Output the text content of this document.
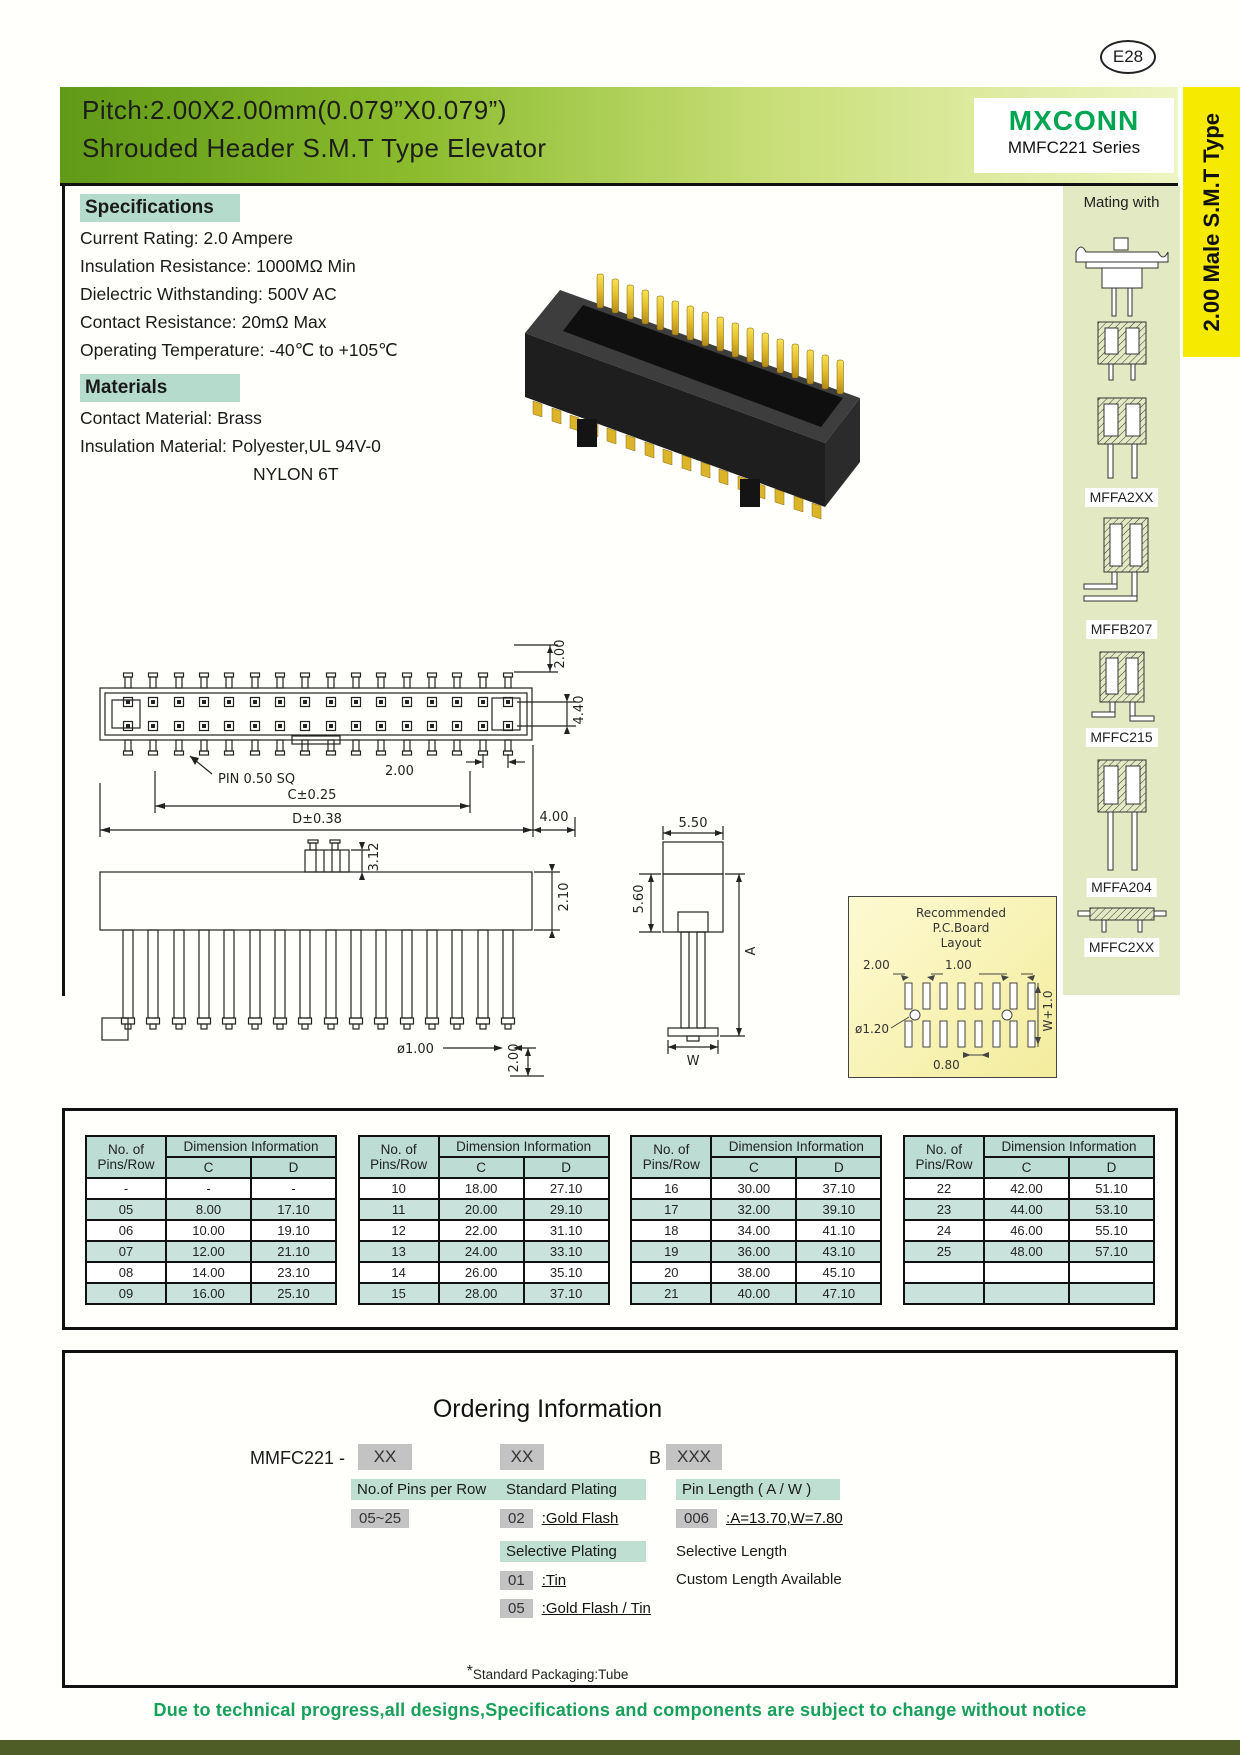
E28
Pitch:2.00X2.00mm(0.079”X0.079”)
Shrouded Header S.M.T Type Elevator
MXCONN
MMFC221 Series	2.00 Male S.M.T Type
Specifications

Current Rating: 2.0 Ampere

Insulation Resistance: 1000MΩ Min

Dielectric Withstanding: 500V AC

Contact Resistance: 20mΩ Max

Operating Temperature: -40℃ to +105℃

Materials

Contact Material: Brass

Insulation Material: Polyester,UL 94V-0

NYLON 6T

2.00
4.40
PIN 0.50 SQ
2.00
C±0.25
D±0.38	4.00
3.12
2.10
ø1.00	2.00
5.50
5.60
A
W
Recommended
P.C.Board
Layout
2.00	1.00
ø1.20	W+1.0
0.80
Mating with
MFFA2XX
MFFB207
MFFC215
MFFA204
MFFC2XX
No. of
Pins/Row	Dimension Information	
	C	D
-	-	-
05	8.00	17.10
06	10.00	19.10
07	12.00	21.10
08	14.00	23.10
09	16.00	25.10
No. of
Pins/Row	Dimension Information	
	C	D
10	18.00	27.10
11	20.00	29.10
12	22.00	31.10
13	24.00	33.10
14	26.00	35.10
15	28.00	37.10
No. of
Pins/Row	Dimension Information	
	C	D
16	30.00	37.10
17	32.00	39.10
18	34.00	41.10
19	36.00	43.10
20	38.00	45.10
21	40.00	47.10
No. of
Pins/Row	Dimension Information	
	C	D
22	42.00	51.10
23	44.00	53.10
24	46.00	55.10
25	48.00	57.10

Ordering Information
MMFC221 -	XX	XX	B XXX
No.of Pins per Row
05~25
Standard Plating
02	:Gold Flash
Selective Plating
01	:Tin
05	:Gold Flash / Tin
Pin Length ( A / W )
006	:A=13.70,W=7.80
Selective Length
Custom Length Available
*Standard Packaging:Tube
Due to technical progress,all designs,Specifications and components are subject to change without notice
